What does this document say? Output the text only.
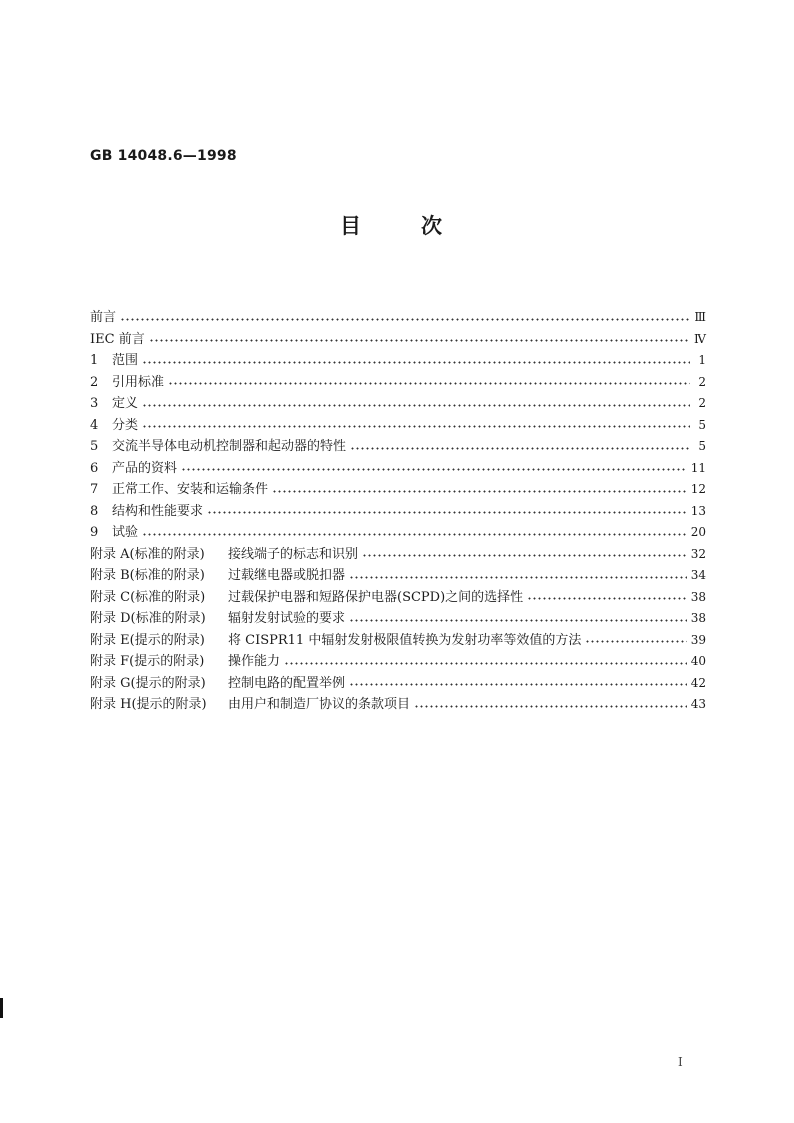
GB 14048.6—1998
目	次
前言	Ⅲ
IEC 前言	Ⅳ
1	范围	1
2	引用标准	2
3	定义	2
4	分类	5
5	交流半导体电动机控制器和起动器的特性	5
6	产品的资料	11
7	正常工作、安装和运输条件	12
8	结构和性能要求	13
9	试验	20
附录 A(标准的附录)	接线端子的标志和识别	32
附录 B(标准的附录)	过载继电器或脱扣器	34
附录 C(标准的附录)	过载保护电器和短路保护电器(SCPD)之间的选择性	38
附录 D(标准的附录)	辐射发射试验的要求	38
附录 E(提示的附录)	将 CISPR11 中辐射发射极限值转换为发射功率等效值的方法	39
附录 F(提示的附录)	操作能力	40
附录 G(提示的附录)	控制电路的配置举例	42
附录 H(提示的附录)	由用户和制造厂协议的条款项目	43
Ⅰ
